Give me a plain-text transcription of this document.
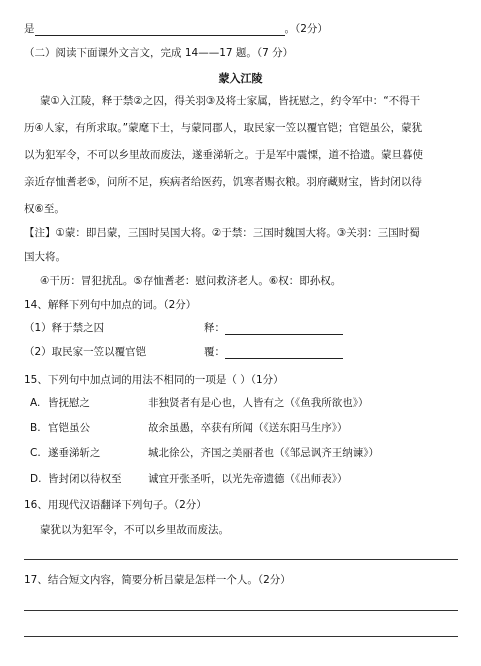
是	。（2分）
（二）阅读下面课外文言文，完成 14——17 题。（7 分）
蒙入江陵
蒙①入江陵，释于禁②之囚，得关羽③及将士家属，皆抚慰之，约令军中：“不得干
历④人家，有所求取。”蒙麾下士，与蒙同郡人，取民家一笠以覆官铠；官铠虽公，蒙犹
以为犯军令，不可以乡里故而废法，遂垂涕斩之。于是军中震慄，道不拾遗。蒙旦暮使
亲近存恤耆老⑤，问所不足，疾病者给医药，饥寒者赐衣粮。羽府藏财宝，皆封闭以待
权⑥至。
【注】①蒙：即吕蒙，三国时吴国大将。②于禁：三国时魏国大将。③关羽：三国时蜀
国大将。
④干历：冒犯扰乱。⑤存恤耆老：慰问救济老人。⑥权：即孙权。
14、解释下列句中加点的词。（2分）
（1）释于禁之囚	释：
（2）取民家一笠以覆官铠	覆：
15、下列句中加点词的用法不相同的一项是（ ）（1分）
A. 皆抚慰之	非独贤者有是心也，人皆有之（《鱼我所欲也》）
B. 官铠虽公	故余虽愚，卒获有所闻（《送东阳马生序》）
C. 遂垂涕斩之	城北徐公，齐国之美丽者也（《邹忌讽齐王纳谏》）
D. 皆封闭以待权至	诚宜开张圣听，以光先帝遗德（《出师表》）
16、用现代汉语翻译下列句子。（2分）
蒙犹以为犯军令，不可以乡里故而废法。
17、结合短文内容，简要分析吕蒙是怎样一个人。（2分）
